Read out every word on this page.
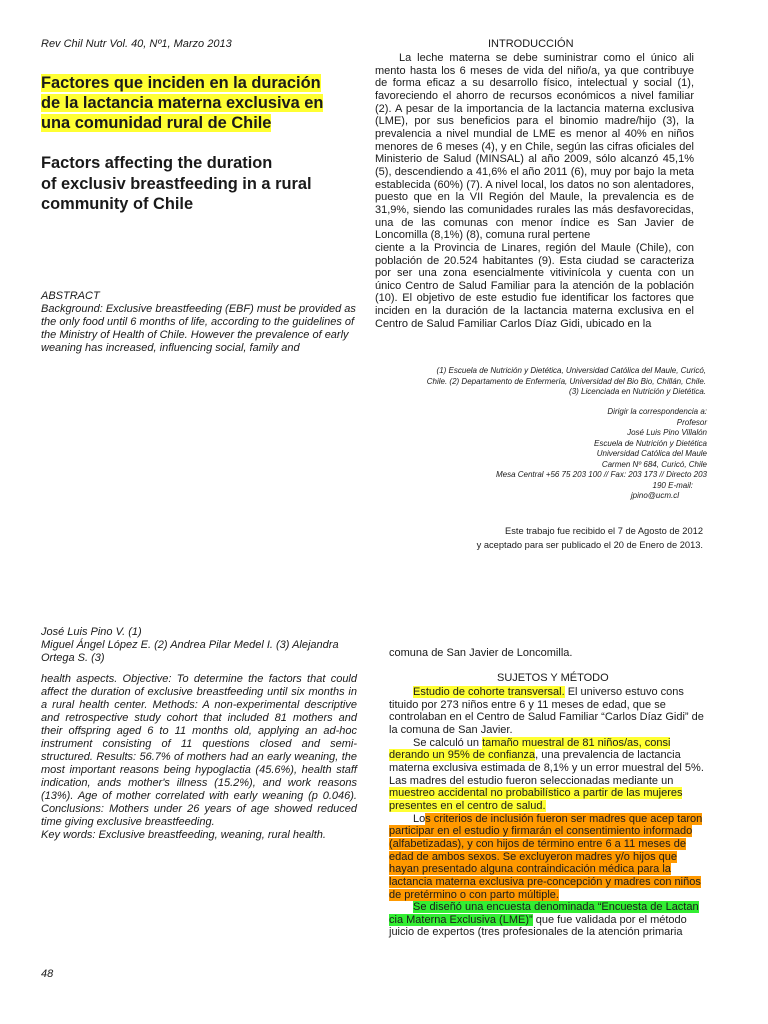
Rev Chil Nutr Vol. 40, Nº1, Marzo 2013
Factores que inciden en la duración
de la lactancia materna exclusiva en
una comunidad rural de Chile
Factors affecting the duration
of exclusiv breastfeeding in a rural
community of Chile
ABSTRACT
Background: Exclusive breastfeeding (EBF) must be provided as the only food until 6 months of life, according to the guidelines of the Ministry of Health of Chile. However the prevalence of early weaning has increased, influencing social, family and
INTRODUCCIÓN

La leche materna se debe suministrar como el único ali mento hasta los 6 meses de vida del niño/a, ya que contribuye de forma eficaz a su desarrollo físico, intelectual y social (1), favoreciendo el ahorro de recursos económicos a nivel familiar (2). A pesar de la importancia de la lactancia materna exclusiva (LME), por sus beneficios para el binomio madre/hijo (3), la prevalencia a nivel mundial de LME es menor al 40% en niños menores de 6 meses (4), y en Chile, según las cifras oficiales del Ministerio de Salud (MINSAL) al año 2009, sólo alcanzó 45,1% (5), descendiendo a 41,6% el año 2011 (6), muy por bajo la meta establecida (60%) (7). A nivel local, los datos no son alentadores, puesto que en la VII Región del Maule, la prevalencia es de 31,9%, siendo las comunidades rurales las más desfavorecidas, una de las comunas con menor índice es San Javier de Loncomilla (8,1%) (8), comuna rural pertene

ciente a la Provincia de Linares, región del Maule (Chile), con población de 20.524 habitantes (9). Esta ciudad se caracteriza por ser una zona esencialmente vitivinícola y cuenta con un único Centro de Salud Familiar para la atención de la población (10). El objetivo de este estudio fue identificar los factores que inciden en la duración de la lactancia materna exclusiva en el Centro de Salud Familiar Carlos Díaz Gidi, ubicado en la

(1) Escuela de Nutrición y Dietética, Universidad Católica del Maule, Curicó,
Chile. (2) Departamento de Enfermería, Universidad del Bio Bio, Chillán, Chile.
(3) Licenciada en Nutrición y Dietética.
Dirigir la correspondencia a:
Profesor
José Luis Pino Villalón
Escuela de Nutrición y Dietética
Universidad Católica del Maule
Carmen Nº 684, Curicó, Chile
Mesa Central +56 75 203 100 // Fax: 203 173 // Directo 203
190 E-mail:
jpino@ucm.cl
Este trabajo fue recibido el 7 de Agosto de 2012
y aceptado para ser publicado el 20 de Enero de 2013.
José Luis Pino V. (1)
Miguel Ángel López E. (2) Andrea Pilar Medel I. (3) Alejandra Ortega S. (3)
health aspects. Objective: To determine the factors that could affect the duration of exclusive breastfeeding until six months in a rural health center. Methods: A non-experimental descriptive and retrospective study cohort that included 81 mothers and their offspring aged 6 to 11 months old, applying an ad-hoc instrument consisting of 11 questions closed and semi-structured. Results: 56.7% of mothers had an early weaning, the most important reasons being hypoglactia (45.6%), health staff indication, ands mother's illness (15.2%), and work reasons (13%). Age of mother correlated with early weaning (p 0.046). Conclusions: Mothers under 26 years of age showed reduced time giving exclusive breastfeeding.
Key words: Exclusive breastfeeding, weaning, rural health.
comuna de San Javier de Loncomilla.
SUJETOS Y MÉTODO

Estudio de cohorte transversal. El universo estuvo cons tituido por 273 niños entre 6 y 11 meses de edad, que se controlaban en el Centro de Salud Familiar “Carlos Díaz Gidi” de la comuna de San Javier.

Se calculó un tamaño muestral de 81 niños/as, consi derando un 95% de confianza, una prevalencia de lactancia materna exclusiva estimada de 8,1% y un error muestral del 5%. Las madres del estudio fueron seleccionadas mediante un muestreo accidental no probabilístico a partir de las mujeres presentes en el centro de salud.

Los criterios de inclusión fueron ser madres que acep taron participar en el estudio y firmarán el consentimiento informado (alfabetizadas), y con hijos de término entre 6 a 11 meses de edad de ambos sexos. Se excluyeron madres y/o hijos que hayan presentado alguna contraindicación médica para la lactancia materna exclusiva pre-concepción y madres con niños de pretérmino o con parto múltiple.

Se diseñó una encuesta denominada “Encuesta de Lactan cia Materna Exclusiva (LME)” que fue validada por el método juicio de expertos (tres profesionales de la atención primaria

48
